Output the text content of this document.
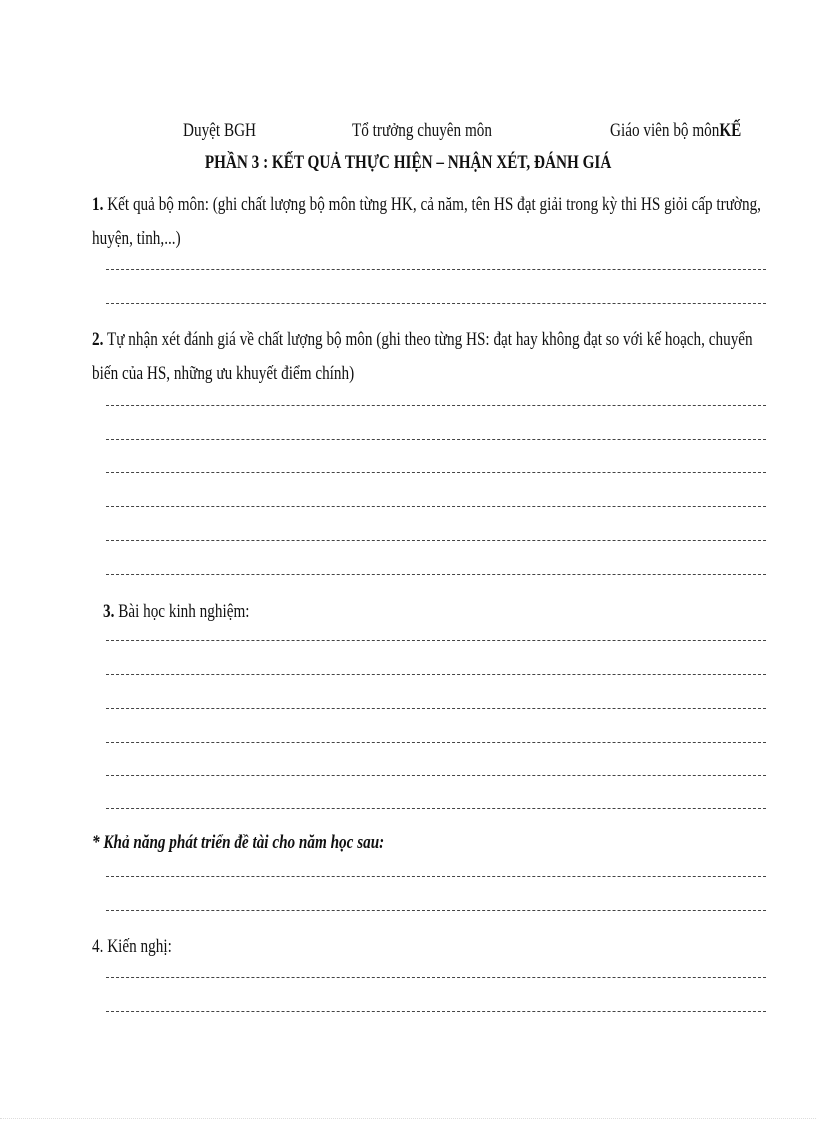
Duyệt BGH	Tổ trưởng chuyên môn	Giáo viên bộ mônKẾ
PHẦN 3 : KẾT QUẢ THỰC HIỆN – NHẬN XÉT, ĐÁNH GIÁ
1. Kết quả bộ môn: (ghi chất lượng bộ môn từng HK, cả năm, tên HS đạt giải trong kỳ thi HS giỏi cấp trường,
huyện, tỉnh,...)
2. Tự nhận xét đánh giá về chất lượng bộ môn (ghi theo từng HS: đạt hay không đạt so với kế hoạch, chuyển
biến của HS, những ưu khuyết điểm chính)
3. Bài học kinh nghiệm:
* Khả năng phát triển đề tài cho năm học sau:
4. Kiến nghị:
